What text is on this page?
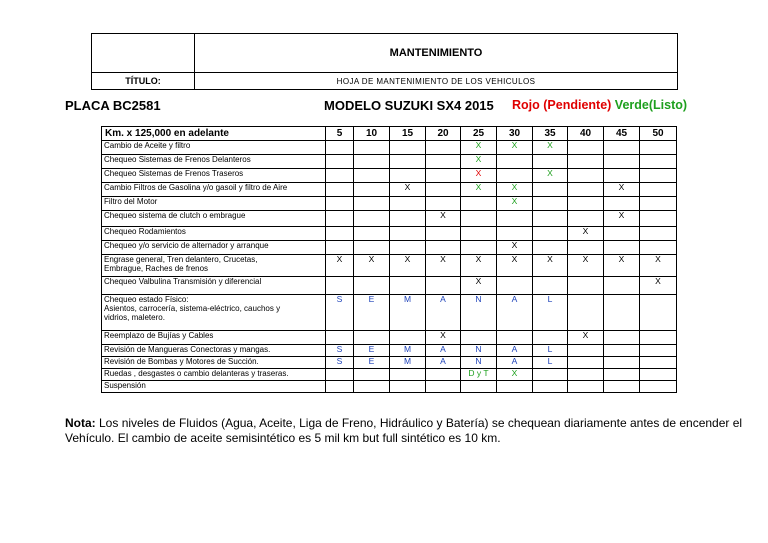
	MANTENIMIENTO
TÍTULO:	HOJA DE MANTENIMIENTO DE LOS VEHICULOS
PLACA BC2581	MODELO SUZUKI SX4 2015 Rojo (Pendiente) Verde(Listo)
Km. x 125,000 en adelante	5	10	15	20	25	30	35	40	45	50
Cambio de Aceite y filtro					X	X	X			
Chequeo Sistemas de Frenos Delanteros					X					
Chequeo Sistemas de Frenos Traseros					X		X			
Cambio Filtros de Gasolina y/o gasoil y filtro de Aire			X		X	X			X	
Filtro del Motor						X				
Chequeo sistema de clutch o embrague				X					X	
Chequeo Rodamientos								X		
Chequeo y/o servicio de alternador y arranque						X				
Engrase general, Tren delantero, Crucetas,
Embrague, Raches de frenos	X	X	X	X	X	X	X	X	X	X
Chequeo Valbulina Transmisión y diferencial					X					X
Chequeo estado Físico:
Asientos, carrocería, sistema-eléctrico, cauchos y
vidrios, maletero.	S	E	M	A	N	A	L			
Reemplazo de Bujías y Cables				X				X		
Revisión de Mangueras Conectoras y mangas.	S	E	M	A	N	A	L			
Revisión de Bombas y Motores de Succión.	S	E	M	A	N	A	L			
Ruedas , desgastes o cambio delanteras y traseras.					D y T	X				
Suspensión										
Nota: Los niveles de Fluidos (Agua, Aceite, Liga de Freno, Hidráulico y Batería) se chequean diariamente antes de encender el Vehículo. El cambio de aceite semisintético es 5 mil km but full sintético es 10 km.
